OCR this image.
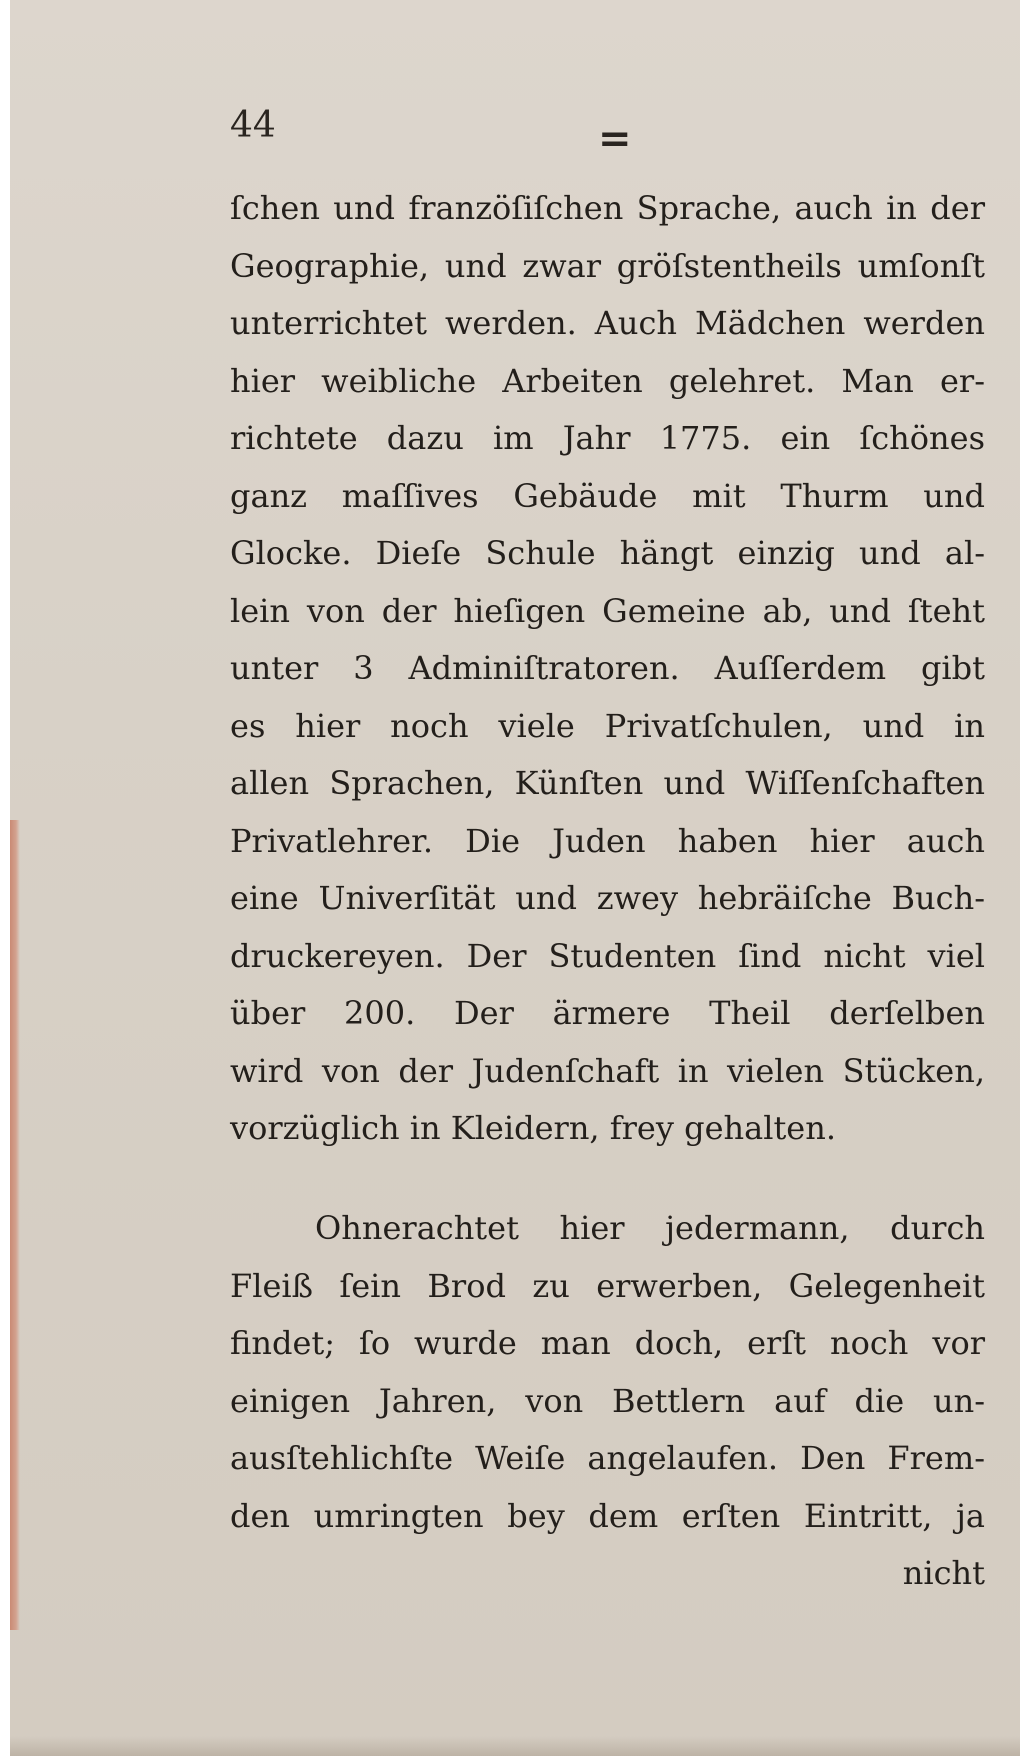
44	=
ſchen und franzöſiſchen Sprache, auch in der
Geographie, und zwar gröſstentheils umſonſt
unterrichtet werden. Auch Mädchen werden
hier weibliche Arbeiten gelehret. Man er-
richtete dazu im Jahr 1775. ein ſchönes
ganz maſſives Gebäude mit Thurm und
Glocke. Dieſe Schule hängt einzig und al-
lein von der hieſigen Gemeine ab, und ſteht
unter 3 Adminiſtratoren. Auſſerdem gibt
es hier noch viele Privatſchulen, und in
allen Sprachen, Künſten und Wiſſenſchaften
Privatlehrer. Die Juden haben hier auch
eine Univerſität und zwey hebräiſche Buch-
druckereyen. Der Studenten ſind nicht viel
über 200. Der ärmere Theil derſelben
wird von der Judenſchaft in vielen Stücken,
vorzüglich in Kleidern, frey gehalten.
Ohnerachtet hier jedermann, durch
Fleiß ſein Brod zu erwerben, Gelegenheit
findet; ſo wurde man doch, erſt noch vor
einigen Jahren, von Bettlern auf die un-
ausſtehlichſte Weiſe angelaufen. Den Frem-
den umringten bey dem erſten Eintritt, ja
nicht
